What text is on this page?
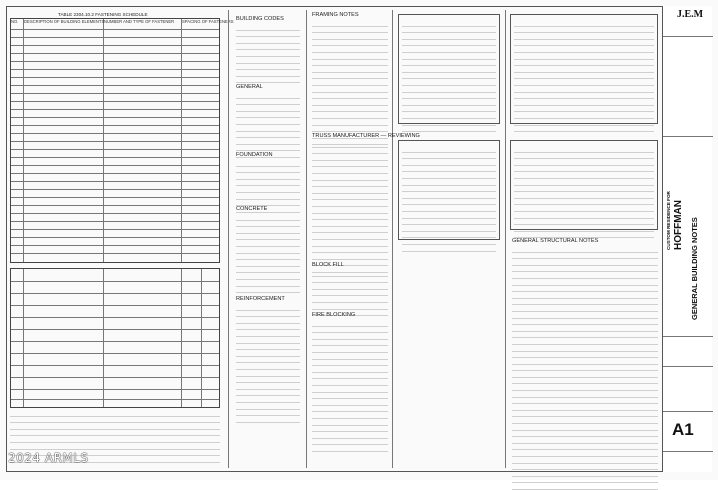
TABLE 2304.10.2 FASTENING SCHEDULE
NO. DESCRIPTION OF BUILDING ELEMENTS NUMBER AND TYPE OF FASTENER SPACING OF FASTENERS BUILDING CODES
GENERAL
FOUNDATION
CONCRETE
REINFORCEMENT
FRAMING NOTES
TRUSS MANUFACTURER — REVIEWING
BLOCK FILL
FIRE BLOCKING
GENERAL STRUCTURAL NOTES
J.E.M
CUSTOM RESIDENCE FOR HOFFMAN GENERAL BUILDING NOTES
A1
2024 ARMLS
